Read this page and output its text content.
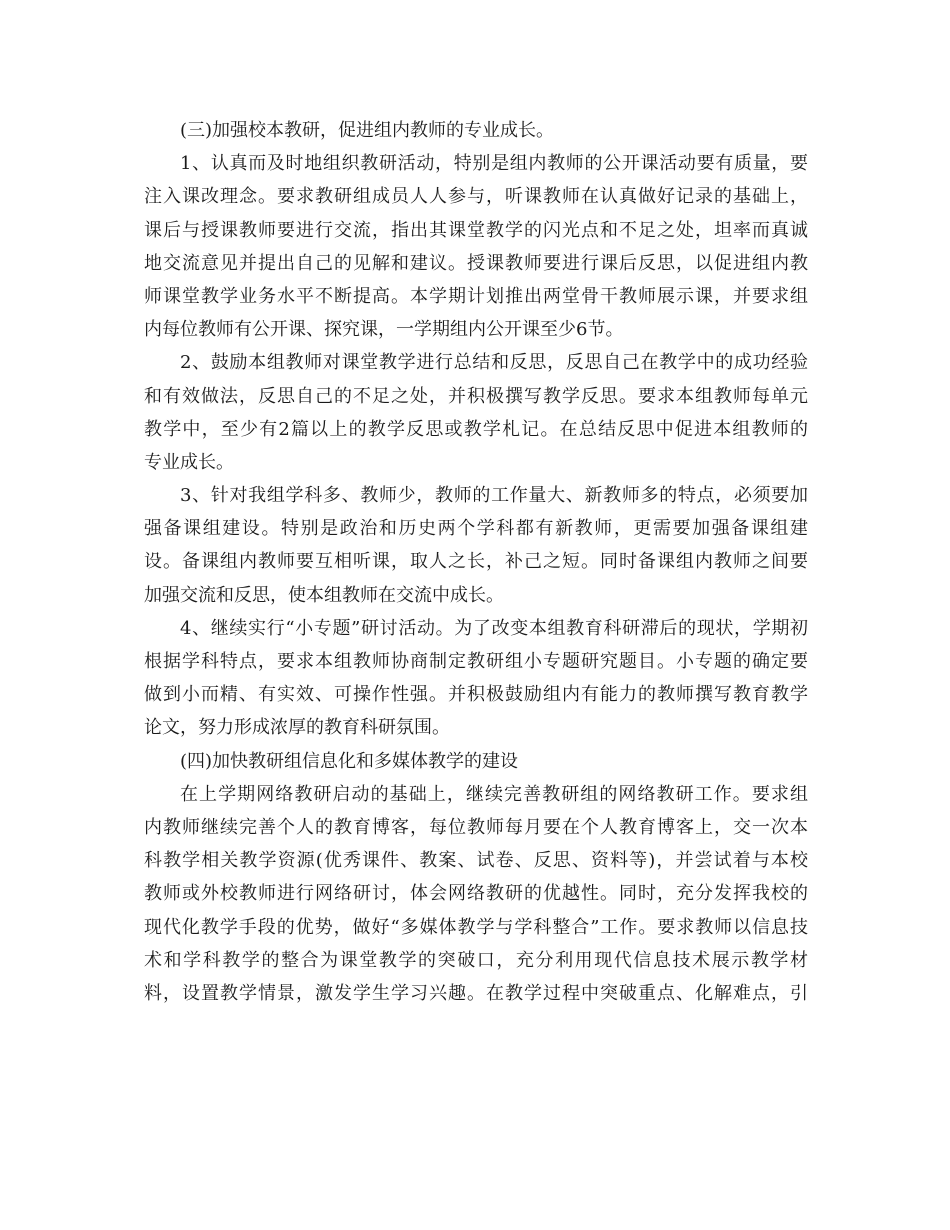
(三)加强校本教研，促进组内教师的专业成长。
1、认真而及时地组织教研活动，特别是组内教师的公开课活动要有质量，要
注入课改理念。要求教研组成员人人参与，听课教师在认真做好记录的基础上，
课后与授课教师要进行交流，指出其课堂教学的闪光点和不足之处，坦率而真诚
地交流意见并提出自己的见解和建议。授课教师要进行课后反思，以促进组内教
师课堂教学业务水平不断提高。本学期计划推出两堂骨干教师展示课，并要求组
内每位教师有公开课、探究课，一学期组内公开课至少6节。
2、鼓励本组教师对课堂教学进行总结和反思，反思自己在教学中的成功经验
和有效做法，反思自己的不足之处，并积极撰写教学反思。要求本组教师每单元
教学中，至少有2篇以上的教学反思或教学札记。在总结反思中促进本组教师的
专业成长。
3、针对我组学科多、教师少，教师的工作量大、新教师多的特点，必须要加
强备课组建设。特别是政治和历史两个学科都有新教师，更需要加强备课组建
设。备课组内教师要互相听课，取人之长，补己之短。同时备课组内教师之间要
加强交流和反思，使本组教师在交流中成长。
4、继续实行“小专题”研讨活动。为了改变本组教育科研滞后的现状，学期初
根据学科特点，要求本组教师协商制定教研组小专题研究题目。小专题的确定要
做到小而精、有实效、可操作性强。并积极鼓励组内有能力的教师撰写教育教学
论文，努力形成浓厚的教育科研氛围。
(四)加快教研组信息化和多媒体教学的建设
在上学期网络教研启动的基础上，继续完善教研组的网络教研工作。要求组
内教师继续完善个人的教育博客，每位教师每月要在个人教育博客上，交一次本
科教学相关教学资源(优秀课件、教案、试卷、反思、资料等)，并尝试着与本校
教师或外校教师进行网络研讨，体会网络教研的优越性。同时，充分发挥我校的
现代化教学手段的优势，做好“多媒体教学与学科整合”工作。要求教师以信息技
术和学科教学的整合为课堂教学的突破口，充分利用现代信息技术展示教学材
料，设置教学情景，激发学生学习兴趣。在教学过程中突破重点、化解难点，引
